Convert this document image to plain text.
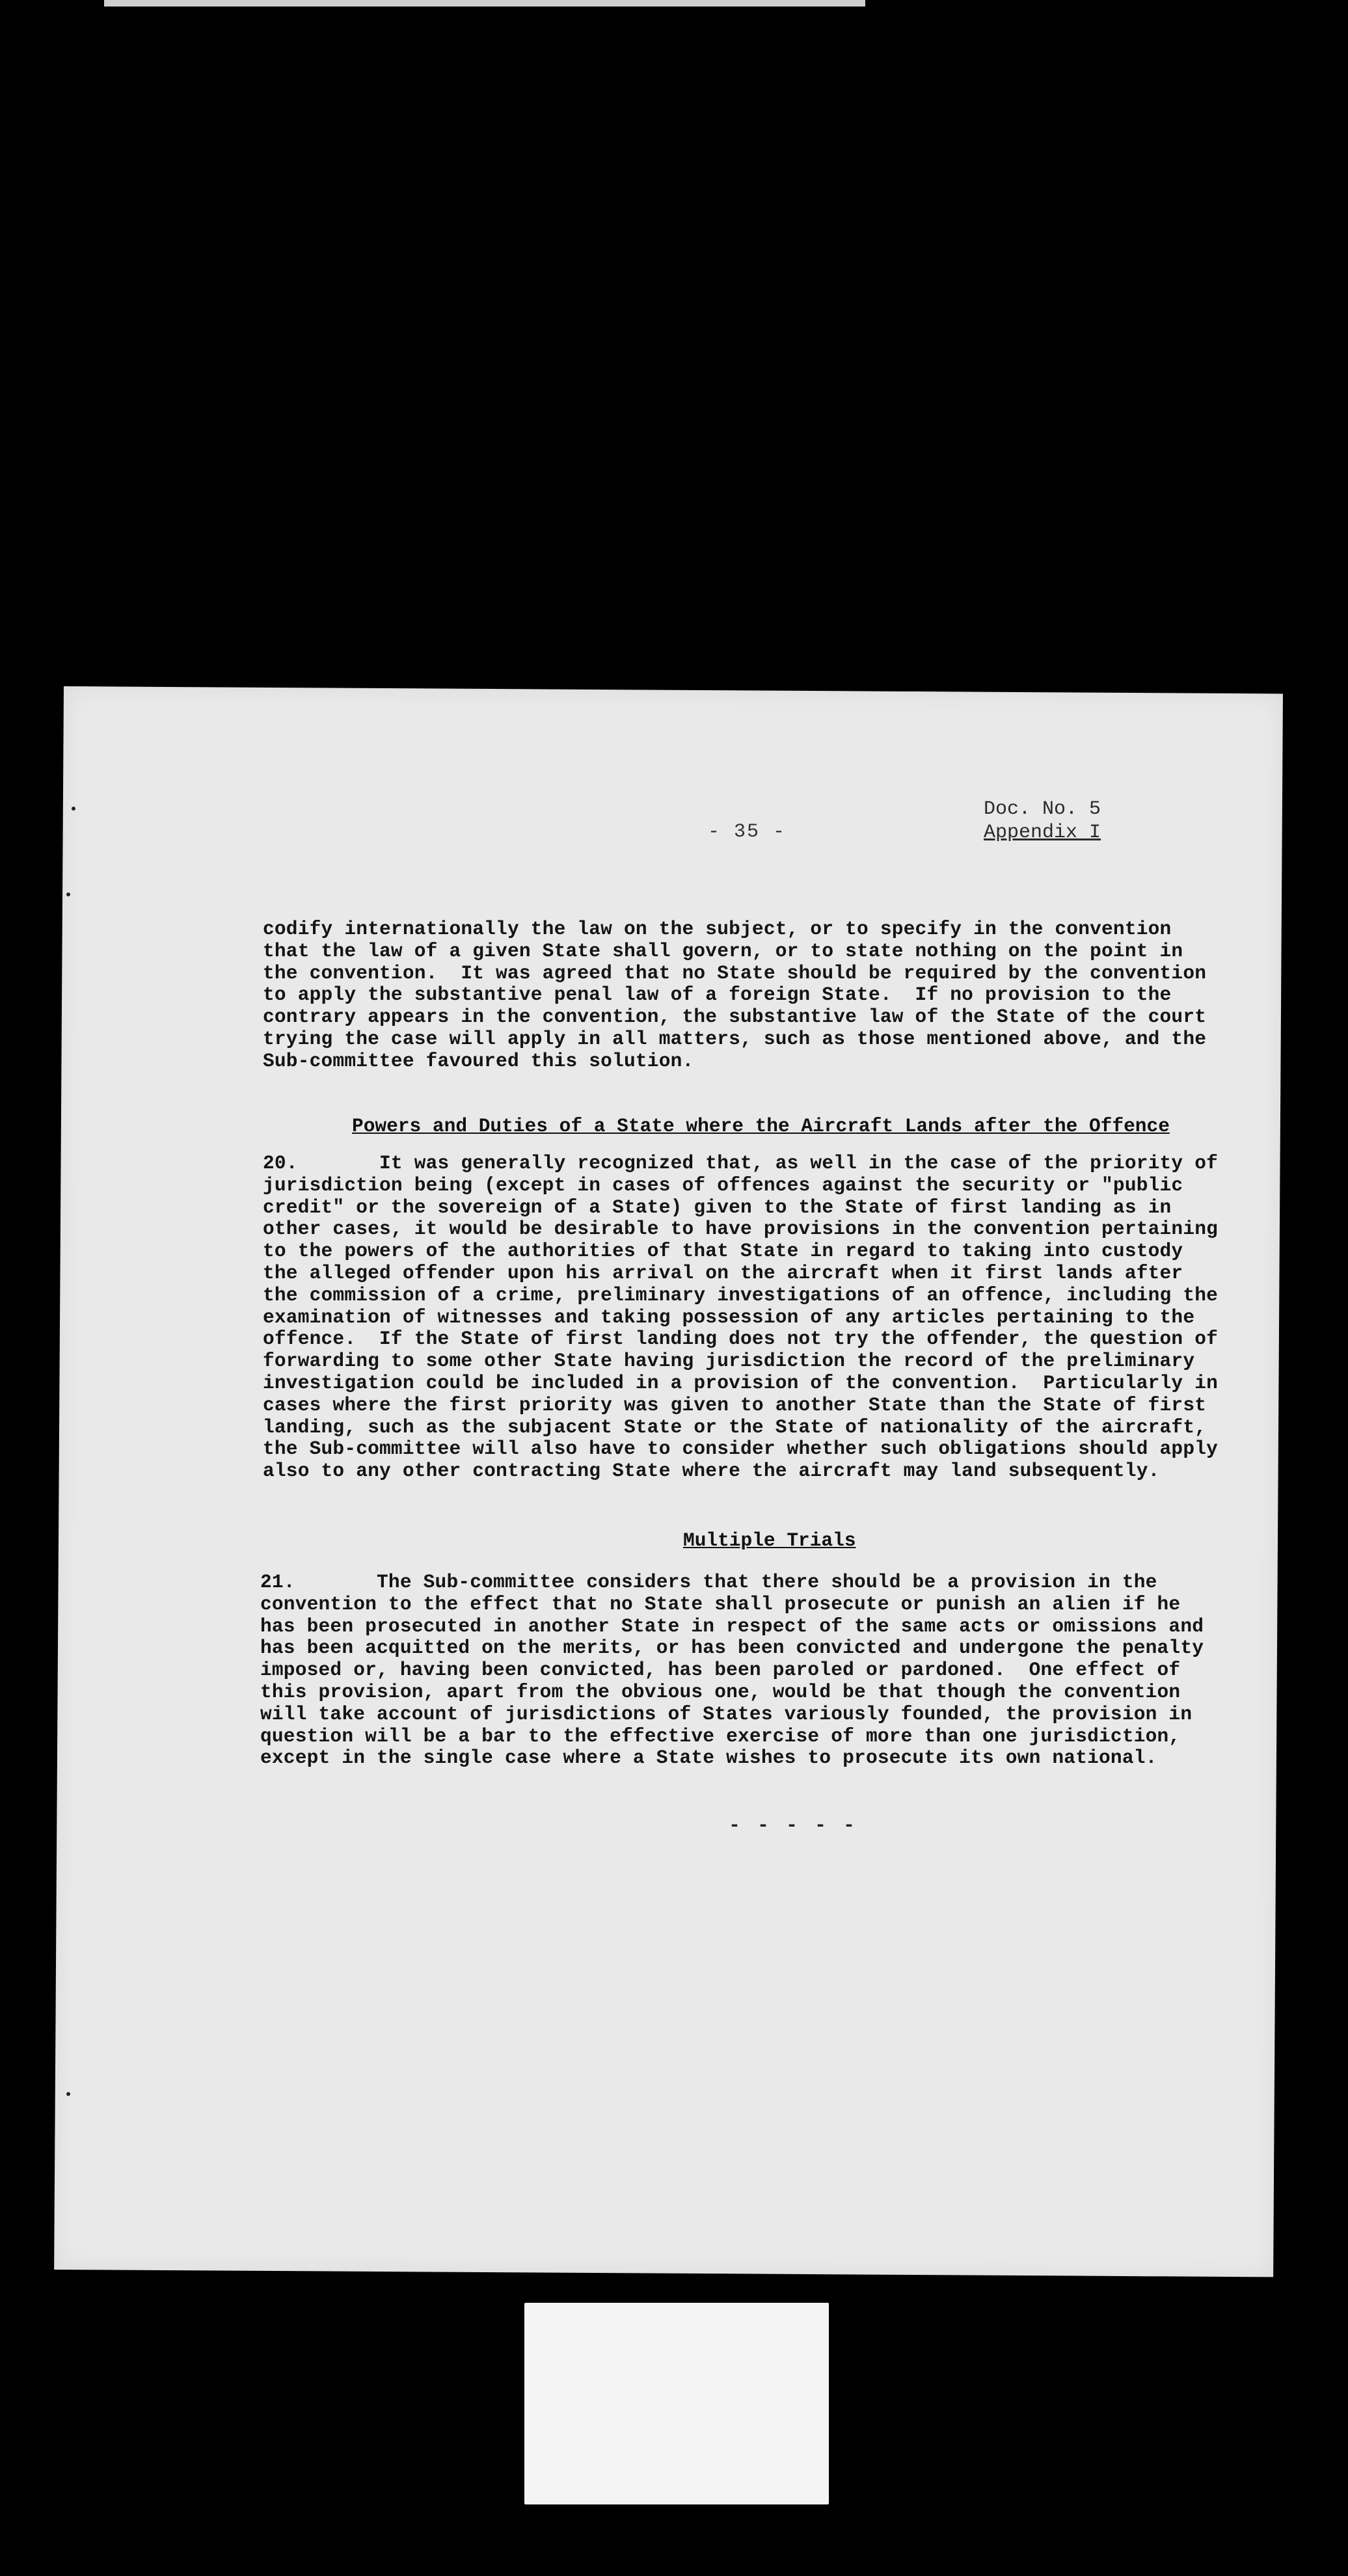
- 35 -
Doc. No. 5
Appendix I
codify internationally the law on the subject, or to specify in the convention
that the law of a given State shall govern, or to state nothing on the point in
the convention.  It was agreed that no State should be required by the convention
to apply the substantive penal law of a foreign State.  If no provision to the
contrary appears in the convention, the substantive law of the State of the court
trying the case will apply in all matters, such as those mentioned above, and the
Sub-committee favoured this solution.
Powers and Duties of a State where the Aircraft Lands after the Offence
20.       It was generally recognized that, as well in the case of the priority of
jurisdiction being (except in cases of offences against the security or "public
credit" or the sovereign of a State) given to the State of first landing as in
other cases, it would be desirable to have provisions in the convention pertaining
to the powers of the authorities of that State in regard to taking into custody
the alleged offender upon his arrival on the aircraft when it first lands after
the commission of a crime, preliminary investigations of an offence, including the
examination of witnesses and taking possession of any articles pertaining to the
offence.  If the State of first landing does not try the offender, the question of
forwarding to some other State having jurisdiction the record of the preliminary
investigation could be included in a provision of the convention.  Particularly in
cases where the first priority was given to another State than the State of first
landing, such as the subjacent State or the State of nationality of the aircraft,
the Sub-committee will also have to consider whether such obligations should apply
also to any other contracting State where the aircraft may land subsequently.
Multiple Trials
21.       The Sub-committee considers that there should be a provision in the
convention to the effect that no State shall prosecute or punish an alien if he
has been prosecuted in another State in respect of the same acts or omissions and
has been acquitted on the merits, or has been convicted and undergone the penalty
imposed or, having been convicted, has been paroled or pardoned.  One effect of
this provision, apart from the obvious one, would be that though the convention
will take account of jurisdictions of States variously founded, the provision in
question will be a bar to the effective exercise of more than one jurisdiction,
except in the single case where a State wishes to prosecute its own national.
- - - - -
